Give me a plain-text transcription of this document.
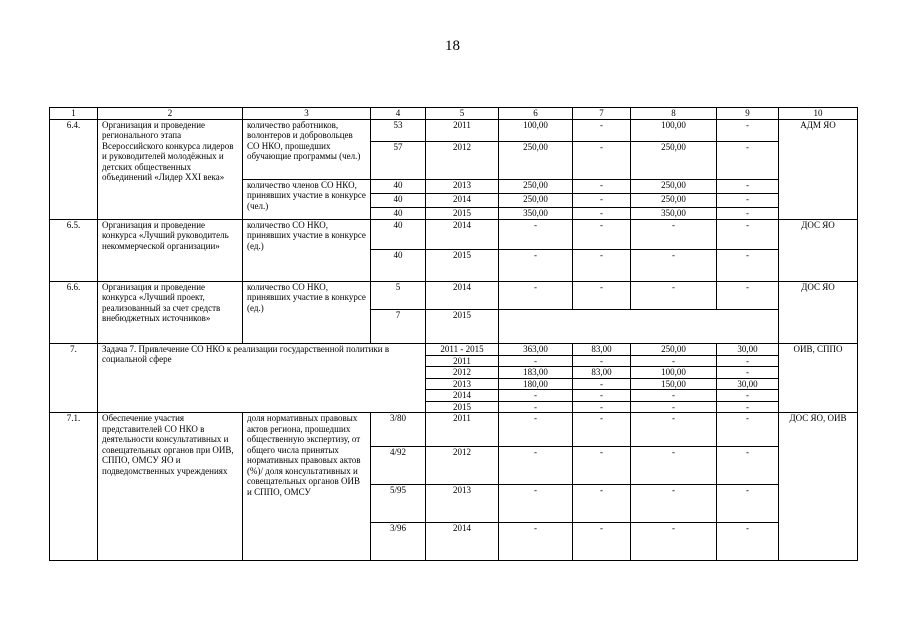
18
1	2	3	4	5	6	7	8	9	10
6.4.	Организация и проведение регионального этапа Всероссийского конкурса лидеров и руководителей молодёжных и детских общественных объединений «Лидер XXI века»	количество работников, волонтеров и добровольцев СО НКО, прошедших обучающие программы (чел.)	53	2011	100,00	-	100,00	-	АДМ ЯО
			57	2012	250,00	-	250,00	-	
		количество членов СО НКО, принявших участие в конкурсе (чел.)	40	2013	250,00	-	250,00	-	
			40	2014	250,00	-	250,00	-	
			40	2015	350,00	-	350,00	-	
6.5.	Организация и проведение конкурса «Лучший руководитель некоммерческой организации»	количество СО НКО, принявших участие в конкурсе (ед.)	40	2014	-	-	-	-	ДОС ЯО
			40	2015	-	-	-	-	
6.6.	Организация и проведение конкурса «Лучший проект, реализованный за счет средств внебюджетных источников»	количество СО НКО, принявших участие в конкурсе (ед.)	5	2014	-	-	-	-	ДОС ЯО
			7	2015					
7.	Задача 7. Привлечение СО НКО к реализации государственной политики в социальной сфере			2011 - 2015	363,00	83,00	250,00	30,00	ОИВ, СППО
				2011	-	-	-	-	
				2012	183,00	83,00	100,00	-	
				2013	180,00	-	150,00	30,00	
				2014	-	-	-	-	
				2015	-	-	-	-	
7.1.	Обеспечение участия представителей СО НКО в деятельности консультативных и совещательных органов при ОИВ, СППО, ОМСУ ЯО и подведомственных учреждениях	доля нормативных правовых актов региона, прошедших общественную экспертизу, от общего числа принятых нормативных правовых актов (%)/ доля консультативных и совещательных органов ОИВ и СППО, ОМСУ	3/80	2011	-	-	-	-	ДОС ЯО, ОИВ
			4/92	2012	-	-	-	-	
			5/95	2013	-	-	-	-	
			3/96	2014	-	-	-	-	
